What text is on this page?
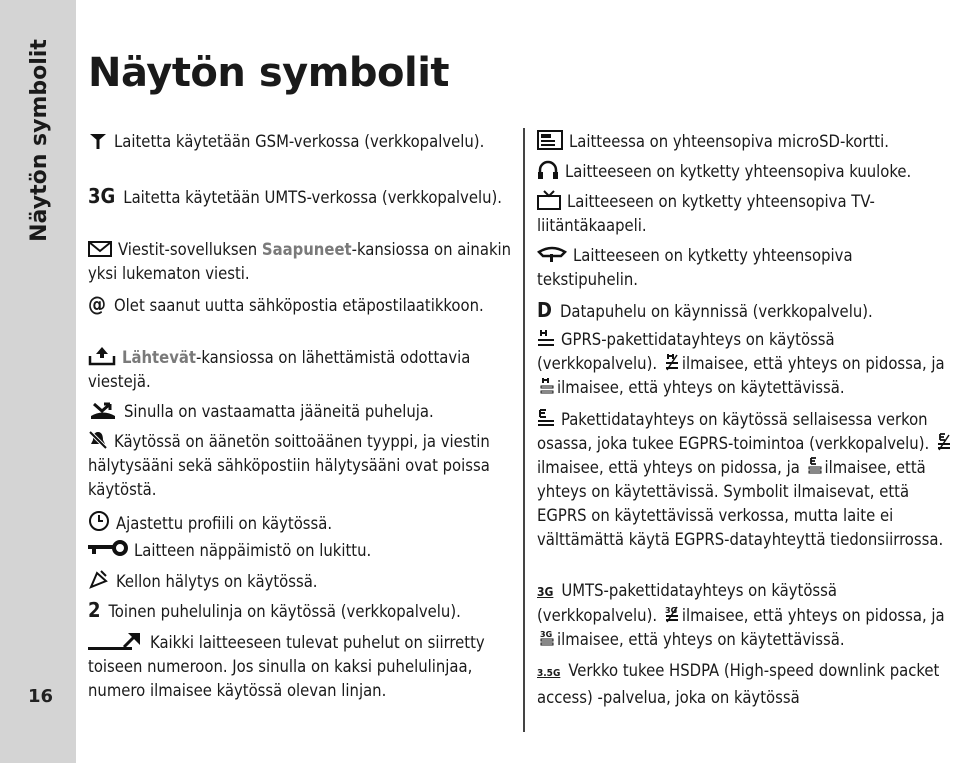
Näytön symbolit
16
Näytön symbolit
Laitetta käytetään GSM-verkossa (verkkopalvelu).
3G Laitetta käytetään UMTS-verkossa (verkkopalvelu).
Viestit-sovelluksen Saapuneet-kansiossa on ainakin yksi lukematon viesti.
@ Olet saanut uutta sähköpostia etäpostilaatikkoon.
Lähtevät-kansiossa on lähettämistä odottavia viestejä.
Sinulla on vastaamatta jääneitä puheluja.
Käytössä on äänetön soittoäänen tyyppi, ja viestin hälytysääni sekä sähköpostiin hälytysääni ovat poissa käytöstä.
Ajastettu profiili on käytössä.
Laitteen näppäimistö on lukittu.
Kellon hälytys on käytössä.
2 Toinen puhelulinja on käytössä (verkkopalvelu).
Kaikki laitteeseen tulevat puhelut on siirretty toiseen numeroon. Jos sinulla on kaksi puhelulinjaa, numero ilmaisee käytössä olevan linjan.
Laitteessa on yhteensopiva microSD-kortti.
Laitteeseen on kytketty yhteensopiva kuuloke.
Laitteeseen on kytketty yhteensopiva TV-liitäntäkaapeli.
Laitteeseen on kytketty yhteensopiva tekstipuhelin.
D Datapuhelu on käynnissä (verkkopalvelu).
GPRS-pakettidatayhteys on käytössä (verkkopalvelu). ilmaisee, että yhteys on pidossa, ja
ilmaisee, että yhteys on käytettävissä.
Pakettidatayhteys on käytössä sellaisessa verkon osassa, joka tukee EGPRS-toimintoa (verkkopalvelu).
ilmaisee, että yhteys on pidossa, ja ilmaisee, että yhteys on käytettävissä. Symbolit ilmaisevat, että EGPRS on käytettävissä verkossa, mutta laite ei välttämättä käytä EGPRS-datayhteyttä tiedonsiirrossa.
3G UMTS-pakettidatayhteys on käytössä (verkkopalvelu). 3G ilmaisee, että yhteys on pidossa, ja
3G ilmaisee, että yhteys on käytettävissä.
3.5G Verkko tukee HSDPA (High-speed downlink packet access) -palvelua, joka on käytössä
